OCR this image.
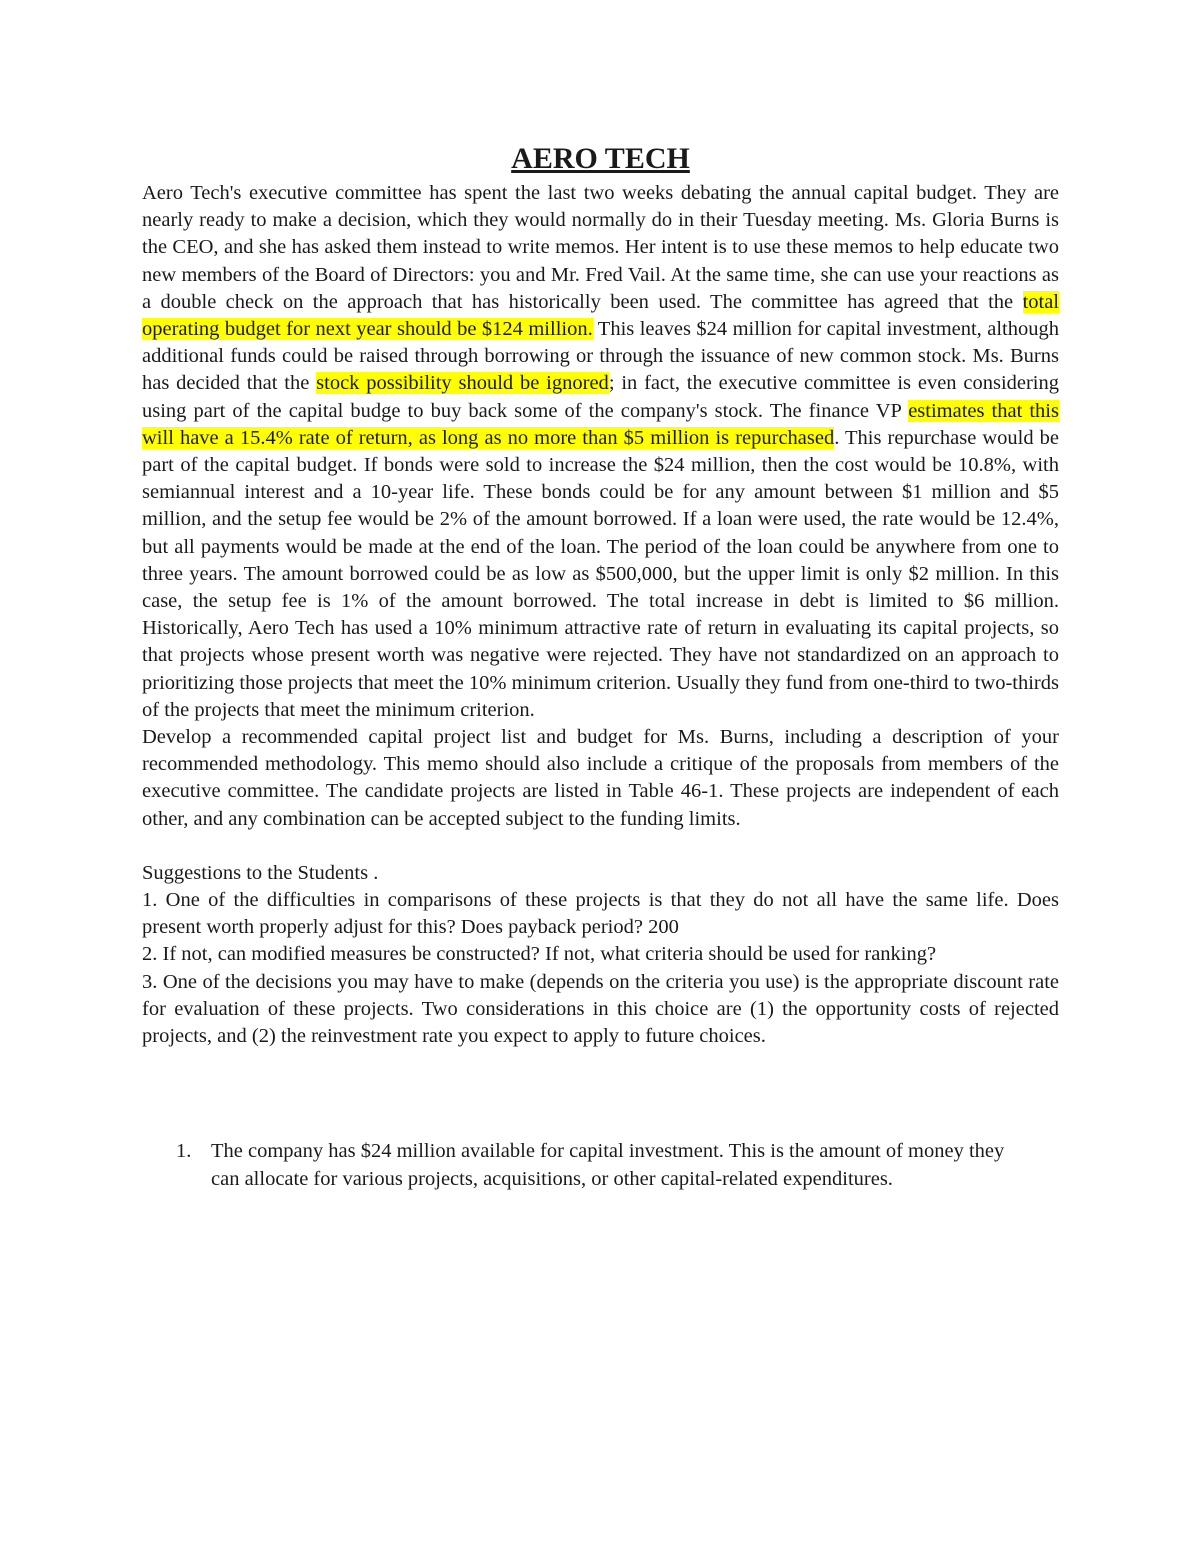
AERO TECH

Aero Tech's executive committee has spent the last two weeks debating the annual capital budget. They are nearly ready to make a decision, which they would normally do in their Tuesday meeting. Ms. Gloria Burns is the CEO, and she has asked them instead to write memos. Her intent is to use these memos to help educate two new members of the Board of Directors: you and Mr. Fred Vail. At the same time, she can use your reactions as a double check on the approach that has historically been used. The committee has agreed that the total operating budget for next year should be $124 million. This leaves $24 million for capital investment, although additional funds could be raised through borrowing or through the issuance of new common stock. Ms. Burns has decided that the stock possibility should be ignored; in fact, the executive committee is even considering using part of the capital budge to buy back some of the company's stock. The finance VP estimates that this will have a 15.4% rate of return, as long as no more than $5 million is repurchased. This repurchase would be part of the capital budget. If bonds were sold to increase the $24 million, then the cost would be 10.8%, with semiannual interest and a 10-year life. These bonds could be for any amount between $1 million and $5 million, and the setup fee would be 2% of the amount borrowed. If a loan were used, the rate would be 12.4%, but all payments would be made at the end of the loan. The period of the loan could be anywhere from one to three years. The amount borrowed could be as low as $500,000, but the upper limit is only $2 million. In this case, the setup fee is 1% of the amount borrowed. The total increase in debt is limited to $6 million. Historically, Aero Tech has used a 10% minimum attractive rate of return in evaluating its capital projects, so that projects whose present worth was negative were rejected. They have not standardized on an approach to prioritizing those projects that meet the 10% minimum criterion. Usually they fund from one-third to two-thirds of the projects that meet the minimum criterion.

Develop a recommended capital project list and budget for Ms. Burns, including a description of your recommended methodology. This memo should also include a critique of the proposals from members of the executive committee. The candidate projects are listed in Table 46-1. These projects are independent of each other, and any combination can be accepted subject to the funding limits.

Suggestions to the Students .

1. One of the difficulties in comparisons of these projects is that they do not all have the same life. Does present worth properly adjust for this? Does payback period? 200

2. If not, can modified measures be constructed? If not, what criteria should be used for ranking?

3. One of the decisions you may have to make (depends on the criteria you use) is the appropriate discount rate for evaluation of these projects. Two considerations in this choice are (1) the opportunity costs of rejected projects, and (2) the reinvestment rate you expect to apply to future choices.

1. The company has $24 million available for capital investment. This is the amount of money they can allocate for various projects, acquisitions, or other capital-related expenditures.
